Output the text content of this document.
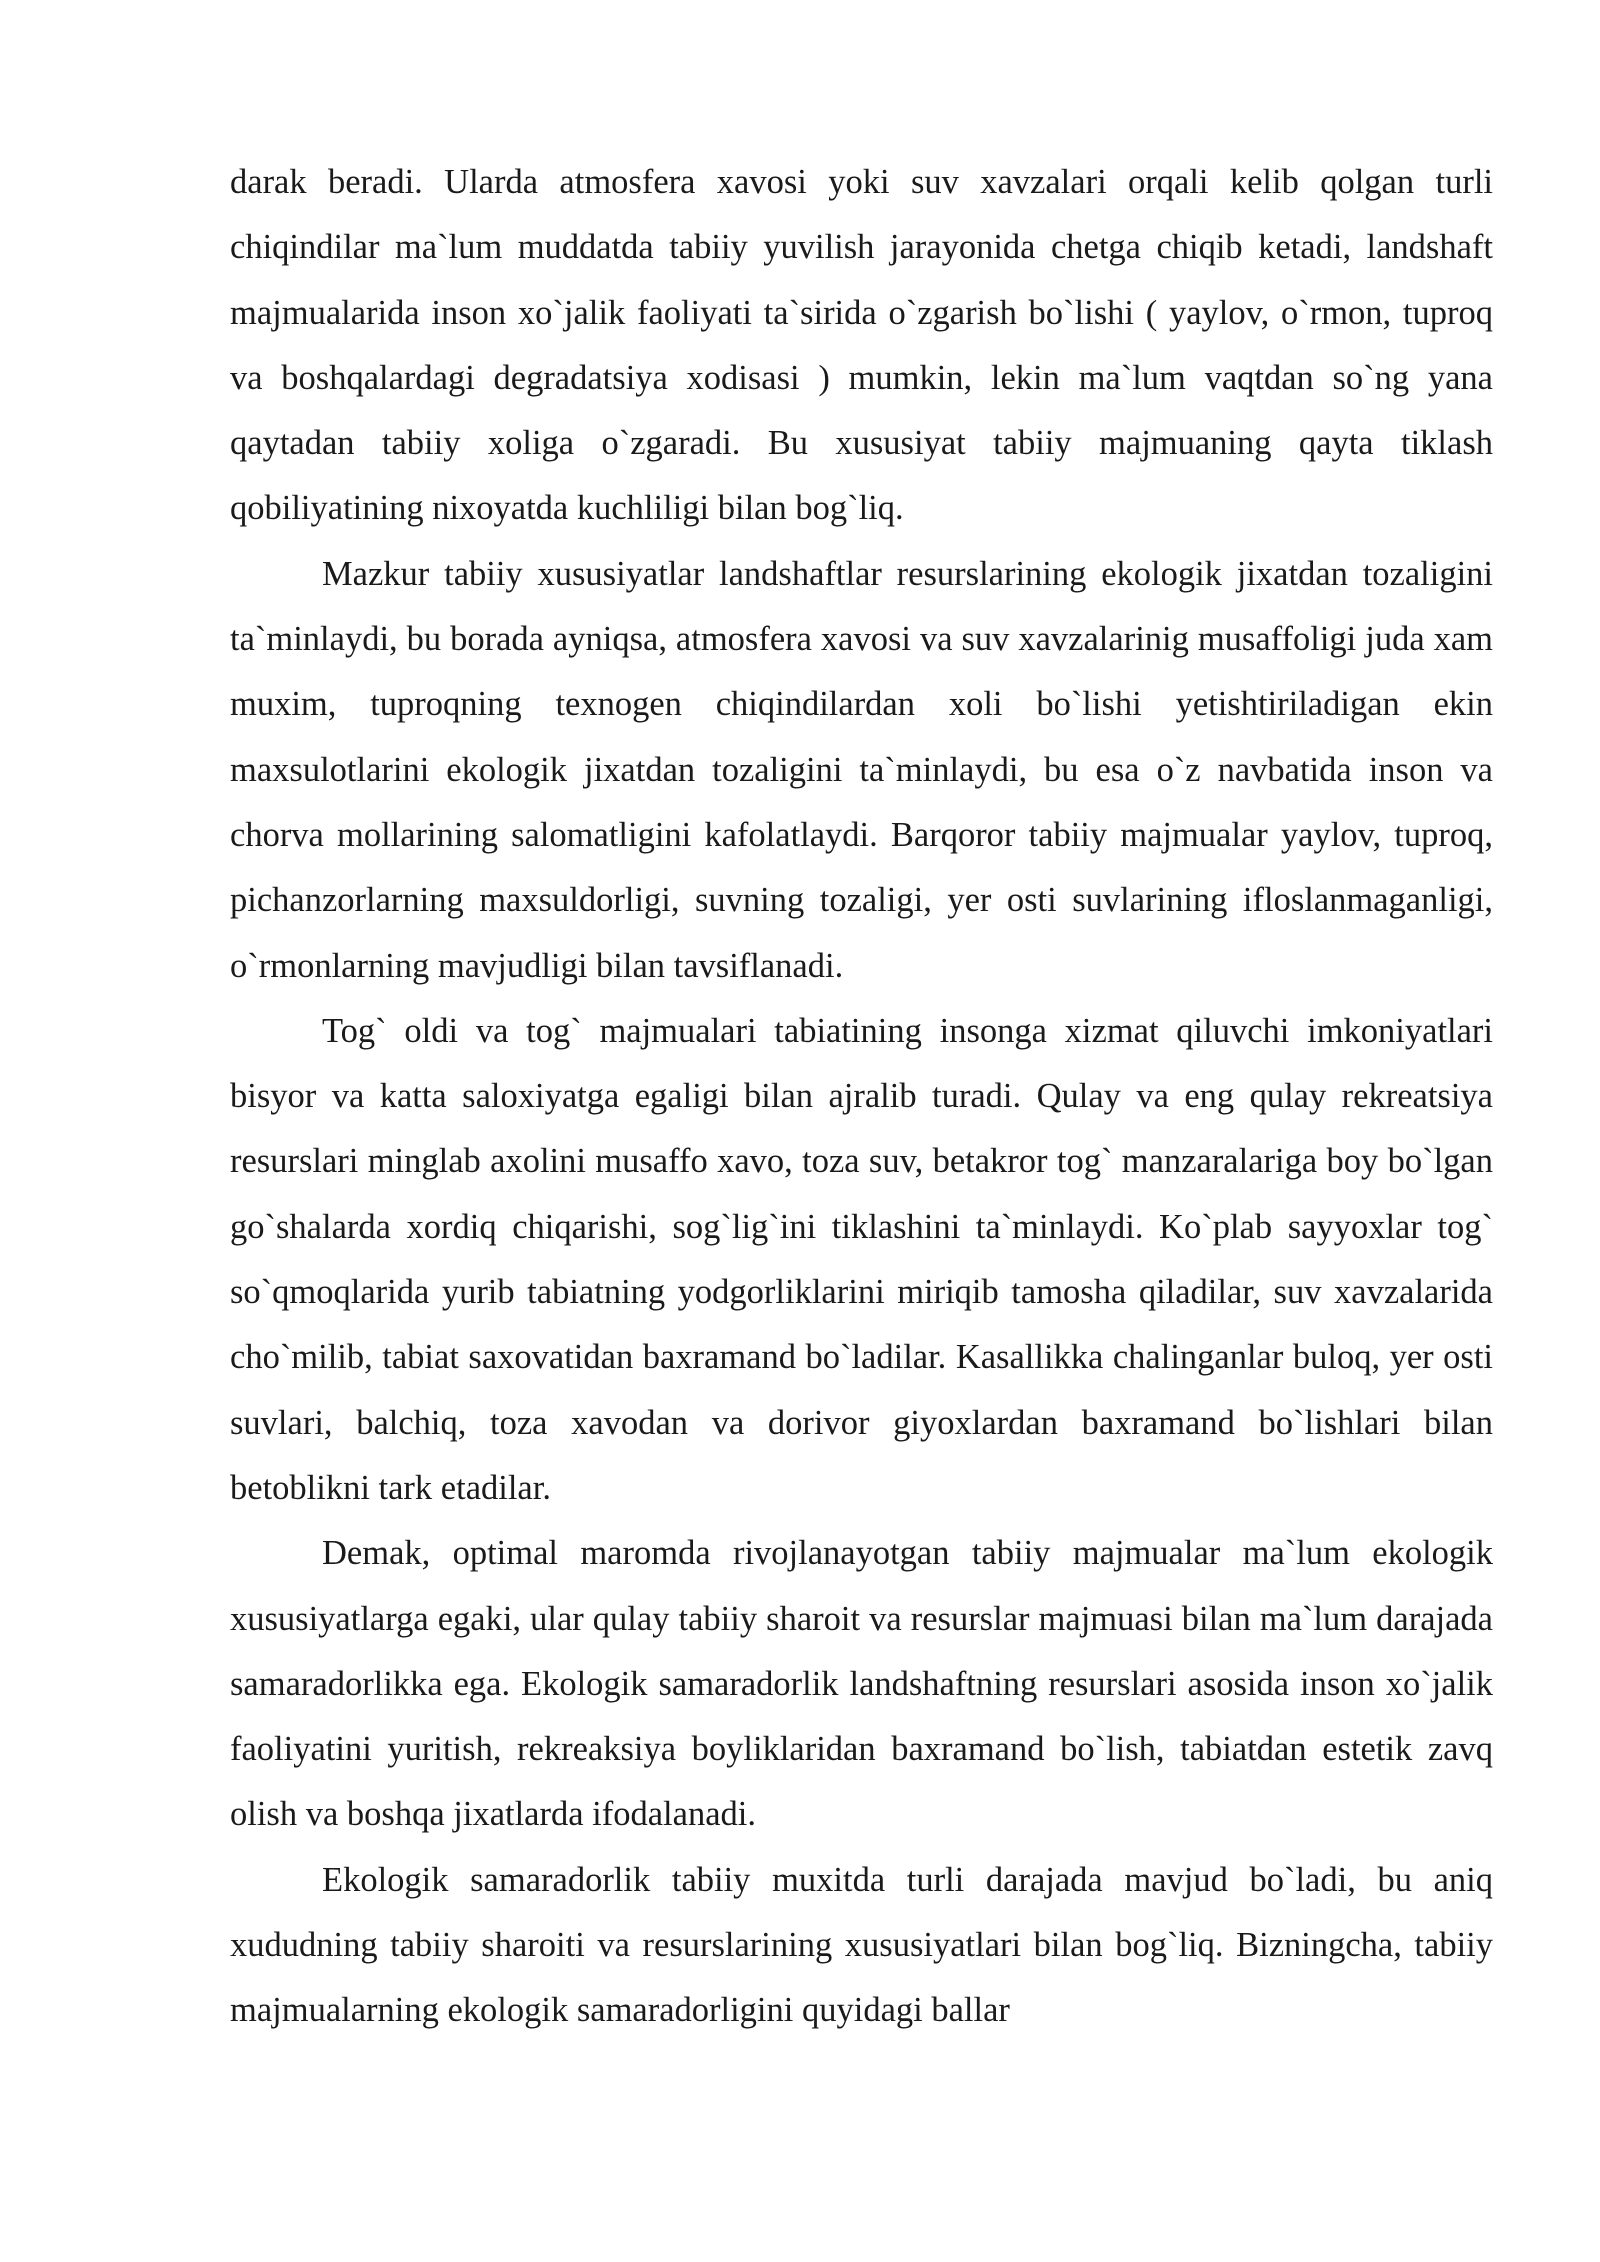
darak beradi. Ularda atmosfera xavosi yoki suv xavzalari orqali kelib qolgan turli chiqindilar ma`lum muddatda tabiiy yuvilish jarayonida chetga chiqib ketadi, landshaft majmualarida inson xo`jalik faoliyati ta`sirida o`zgarish bo`lishi ( yaylov, o`rmon, tuproq va boshqalardagi degradatsiya xodisasi ) mumkin, lekin ma`lum vaqtdan so`ng yana qaytadan tabiiy xoliga o`zgaradi. Bu xususiyat tabiiy majmuaning qayta tiklash qobiliyatining nixoyatda kuchliligi bilan bog`liq.

Mazkur tabiiy xususiyatlar landshaftlar resurslarining ekologik jixatdan tozaligini ta`minlaydi, bu borada ayniqsa, atmosfera xavosi va suv xavzalarinig musaffoligi juda xam muxim, tuproqning texnogen chiqindilardan xoli bo`lishi yetishtiriladigan ekin maxsulotlarini ekologik jixatdan tozaligini ta`minlaydi, bu esa o`z navbatida inson va chorva mollarining salomatligini kafolatlaydi. Barqoror tabiiy majmualar yaylov, tuproq, pichanzorlarning maxsuldorligi, suvning tozaligi, yer osti suvlarining ifloslanmaganligi, o`rmonlarning mavjudligi bilan tavsiflanadi.

Tog` oldi va tog` majmualari tabiatining insonga xizmat qiluvchi imkoniyatlari bisyor va katta saloxiyatga egaligi bilan ajralib turadi. Qulay va eng qulay rekreatsiya resurslari minglab axolini musaffo xavo, toza suv, betakror tog` manzaralariga boy bo`lgan go`shalarda xordiq chiqarishi, sog`lig`ini tiklashini ta`minlaydi. Ko`plab sayyoxlar tog` so`qmoqlarida yurib tabiatning yodgorliklarini miriqib tamosha qiladilar, suv xavzalarida cho`milib, tabiat saxovatidan baxramand bo`ladilar. Kasallikka chalinganlar buloq, yer osti suvlari, balchiq, toza xavodan va dorivor giyoxlardan baxramand bo`lishlari bilan betoblikni tark etadilar.

Demak, optimal maromda rivojlanayotgan tabiiy majmualar ma`lum ekologik xususiyatlarga egaki, ular qulay tabiiy sharoit va resurslar majmuasi bilan ma`lum darajada samaradorlikka ega. Ekologik samaradorlik landshaftning resurslari asosida inson xo`jalik faoliyatini yuritish, rekreaksiya boyliklaridan baxramand bo`lish, tabiatdan estetik zavq olish va boshqa jixatlarda ifodalanadi.

Ekologik samaradorlik tabiiy muxitda turli darajada mavjud bo`ladi, bu aniq xududning tabiiy sharoiti va resurslarining xususiyatlari bilan bog`liq. Bizningcha, tabiiy majmualarning ekologik samaradorligini quyidagi ballar
